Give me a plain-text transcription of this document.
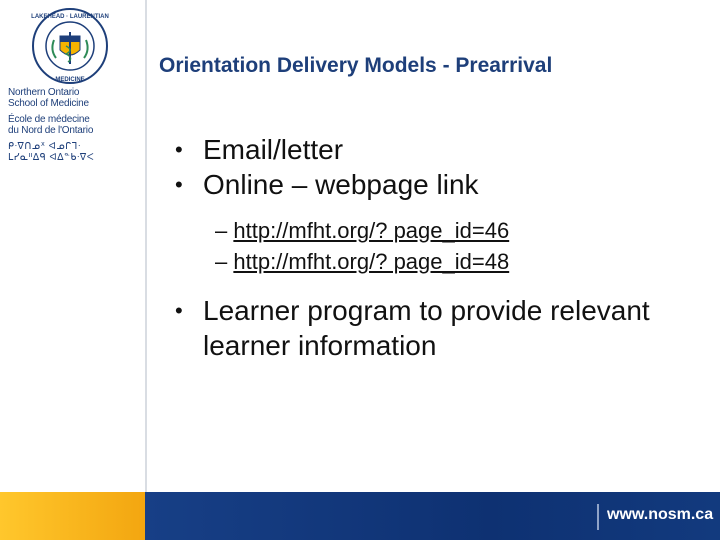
LAKEHEAD · LAURENTIAN
MEDICINE
Northern Ontario
School of Medicine
École de médecine
du Nord de l'Ontario
ᑭᐧᐁᑎᓄᕽ ᐊᓄᒋᒣᐧ
ᒪᓯᓇᐦᐃᑫ ᐊᐃᓐᑲᐧᐁᐸ
Orientation Delivery Models - Prearrival
• Email/letter
• Online – webpage link
– http://mfht.org/? page_id=46
– http://mfht.org/? page_id=48
• Learner program to provide relevant learner information
www.nosm.ca
